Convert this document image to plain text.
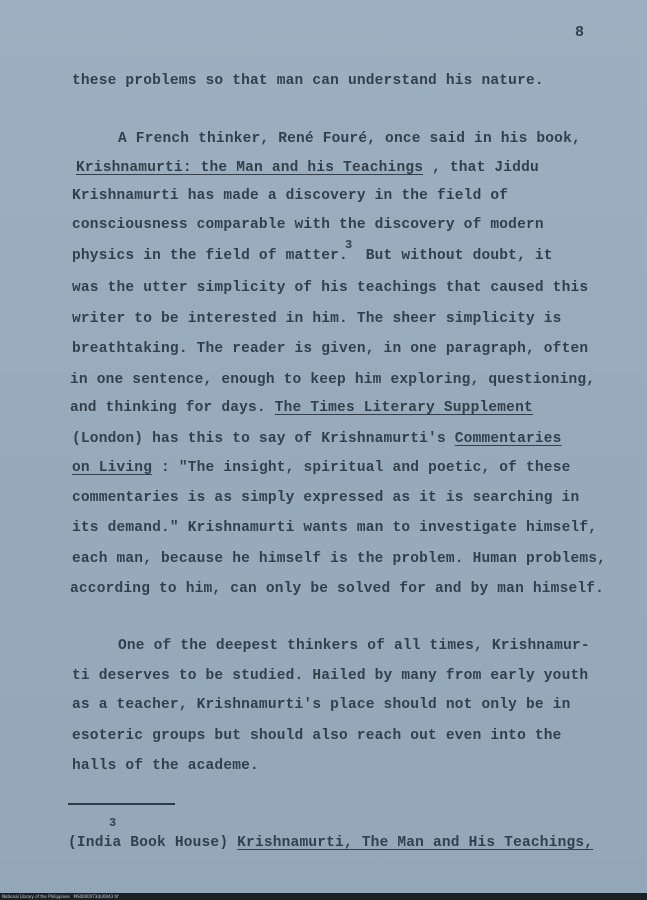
8
these problems so that man can understand his nature.
A French thinker, René Fouré, once said in his book,
Krishnamurti: the Man and his Teachings , that Jiddu
Krishnamurti has made a discovery in the field of
consciousness comparable with the discovery of modern
physics in the field of matter.  But without doubt, it
was the utter simplicity of his teachings that caused this
writer to be interested in him. The sheer simplicity is
breathtaking. The reader is given, in one paragraph, often
in one sentence, enough to keep him exploring, questioning,
and thinking for days. The Times Literary Supplement
(London) has this to say of Krishnamurti's Commentaries
on Living : "The insight, spiritual and poetic, of these
commentaries is as simply expressed as it is searching in
its demand." Krishnamurti wants man to investigate himself,
each man, because he himself is the problem. Human problems,
according to him, can only be solved for and by man himself.
One of the deepest thinkers of all times, Krishnamur-
ti deserves to be studied. Hailed by many from early youth
as a teacher, Krishnamurti's place should not only be in
esoteric groups but should also reach out even into the
halls of the academe.
3
3
(India Book House) Krishnamurti, The Man and His Teachings,
National Library of the Philippines   MS0000073(b)0043 tif
